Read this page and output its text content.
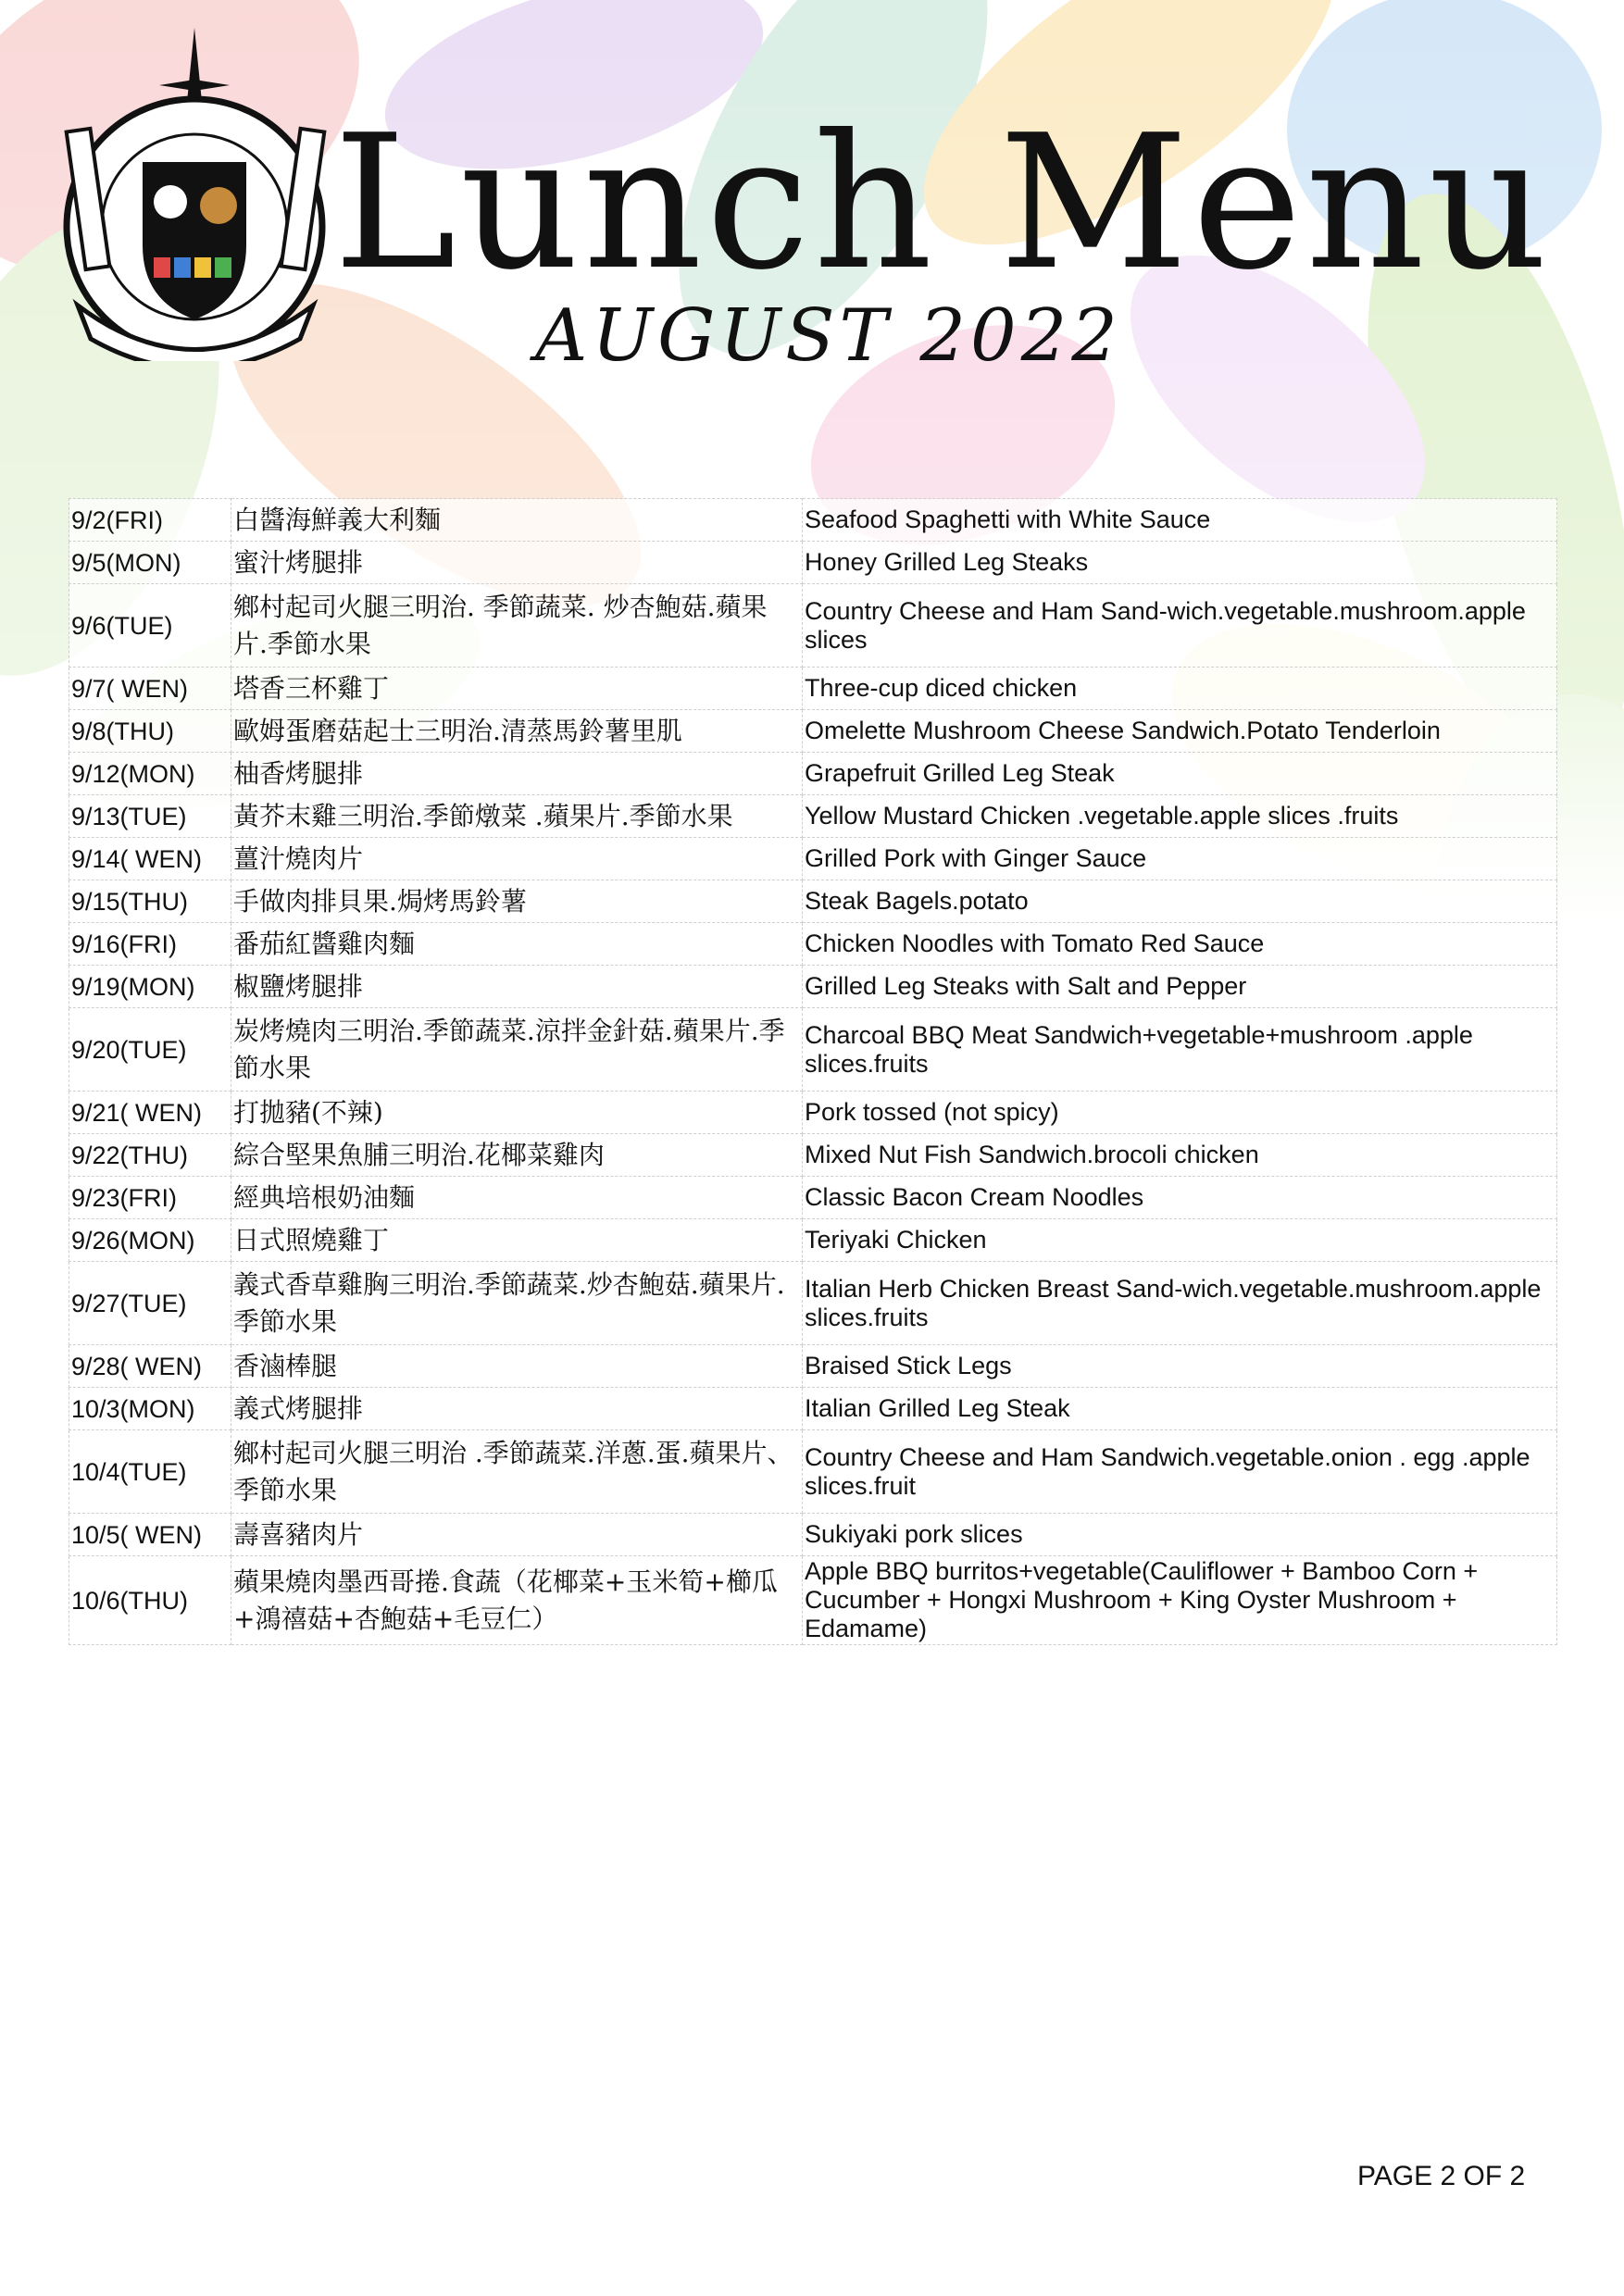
Lunch Menu
AUGUST 2022
9/2(FRI)	白醬海鮮義大利麵	Seafood Spaghetti with White Sauce
9/5(MON)	蜜汁烤腿排	Honey Grilled Leg Steaks
9/6(TUE)	鄉村起司火腿三明治. 季節蔬菜. 炒杏鮑菇.蘋果片.季節水果	Country Cheese and Ham Sand-wich.vegetable.mushroom.apple slices
9/7( WEN)	塔香三杯雞丁	Three-cup diced chicken
9/8(THU)	歐姆蛋磨菇起士三明治.清蒸馬鈴薯里肌	Omelette Mushroom Cheese Sandwich.Potato Tenderloin
9/12(MON)	柚香烤腿排	Grapefruit Grilled Leg Steak
9/13(TUE)	黃芥末雞三明治.季節燉菜 .蘋果片.季節水果	Yellow Mustard Chicken .vegetable.apple slices .fruits
9/14( WEN)	薑汁燒肉片	Grilled Pork with Ginger Sauce
9/15(THU)	手做肉排貝果.焗烤馬鈴薯	Steak Bagels.potato
9/16(FRI)	番茄紅醬雞肉麵	Chicken Noodles with Tomato Red Sauce
9/19(MON)	椒鹽烤腿排	Grilled Leg Steaks with Salt and Pepper
9/20(TUE)	炭烤燒肉三明治.季節蔬菜.涼拌金針菇.蘋果片.季節水果	Charcoal BBQ Meat Sandwich+vegetable+mushroom .apple slices.fruits
9/21( WEN)	打拋豬(不辣)	Pork tossed (not spicy)
9/22(THU)	綜合堅果魚脯三明治.花椰菜雞肉	Mixed Nut Fish Sandwich.brocoli chicken
9/23(FRI)	經典培根奶油麵	Classic Bacon Cream Noodles
9/26(MON)	日式照燒雞丁	Teriyaki Chicken
9/27(TUE)	義式香草雞胸三明治.季節蔬菜.炒杏鮑菇.蘋果片.季節水果	Italian Herb Chicken Breast Sand-wich.vegetable.mushroom.apple slices.fruits
9/28( WEN)	香滷棒腿	Braised Stick Legs
10/3(MON)	義式烤腿排	Italian Grilled Leg Steak
10/4(TUE)	鄉村起司火腿三明治 .季節蔬菜.洋蔥.蛋.蘋果片、季節水果	Country Cheese and Ham Sandwich.vegetable.onion . egg .apple slices.fruit
10/5( WEN)	壽喜豬肉片	Sukiyaki pork slices
10/6(THU)	蘋果燒肉墨西哥捲.食蔬（花椰菜+玉米筍+櫛瓜+鴻禧菇+杏鮑菇+毛豆仁）	Apple BBQ burritos+vegetable(Cauliflower + Bamboo Corn + Cucumber + Hongxi Mushroom + King Oyster Mushroom + Edamame)
PAGE 2 OF 2
